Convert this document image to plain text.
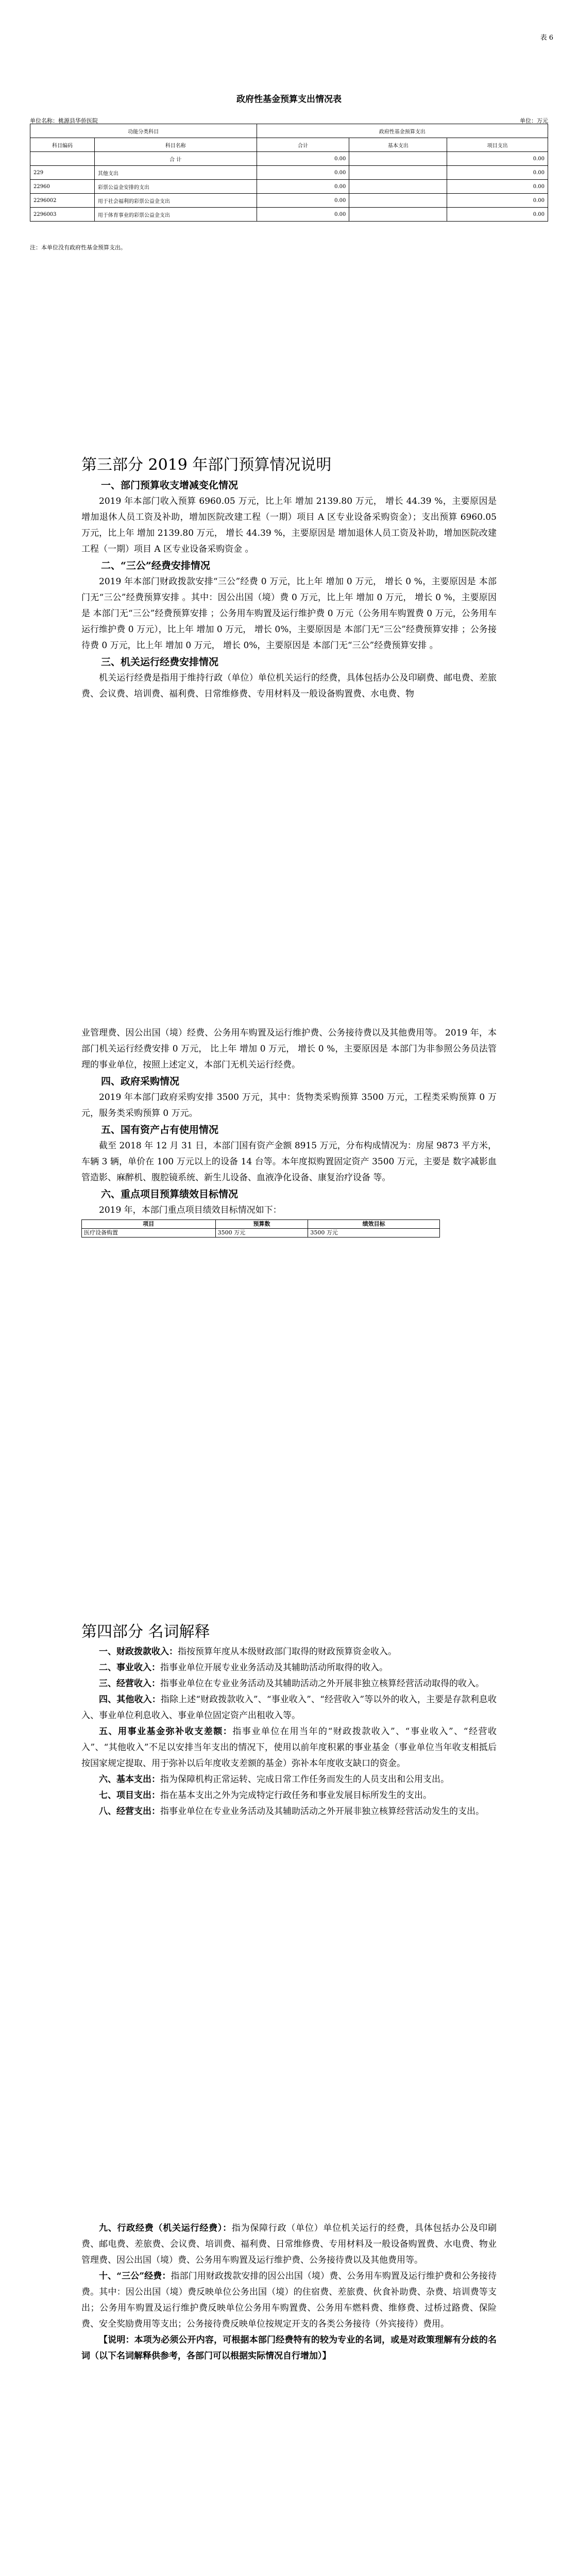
表 6
政府性基金预算支出情况表
单位名称：桃源县华侨医院	单位：万元
功能分类科目		政府性基金预算支出		
科目编码	科目名称	合计	基本支出	项目支出
	合 计	0.00		0.00
229	其他支出	0.00		0.00
22960	彩票公益金安排的支出	0.00		0.00
2296002	用于社会福利的彩票公益金支出	0.00		0.00
2296003	用于体育事业的彩票公益金支出	0.00		0.00
注：本单位没有政府性基金预算支出。
第三部分 2019 年部门预算情况说明
一、部门预算收支增减变化情况

2019 年本部门收入预算 6960.05 万元，比上年 增加 2139.80 万元， 增长 44.39 %，主要原因是 增加退休人员工资及补助，增加医院改建工程（一期）项目 A 区专业设备采购资金）；支出预算 6960.05 万元，比上年 增加 2139.80 万元， 增长 44.39 %，主要原因是 增加退休人员工资及补助，增加医院改建工程（一期）项目 A 区专业设备采购资金 。

二、“三公”经费安排情况

2019 年本部门财政拨款安排“三公”经费 0 万元，比上年 增加 0 万元， 增长 0 %，主要原因是 本部门无“三公”经费预算安排 。其中：因公出国（境）费 0 万元，比上年 增加 0 万元， 增长 0 %，主要原因是 本部门无“三公”经费预算安排 ；公务用车购置及运行维护费 0 万元（公务用车购置费 0 万元，公务用车运行维护费 0 万元），比上年 增加 0 万元， 增长 0%，主要原因是 本部门无“三公”经费预算安排 ；公务接待费 0 万元，比上年 增加 0 万元， 增长 0%，主要原因是 本部门无“三公”经费预算安排 。

三、机关运行经费安排情况

机关运行经费是指用于维持行政（单位）单位机关运行的经费，具体包括办公及印刷费、邮电费、差旅费、会议费、培训费、福利费、日常维修费、专用材料及一般设备购置费、水电费、物

业管理费、因公出国（境）经费、公务用车购置及运行维护费、公务接待费以及其他费用等。 2019 年，本部门机关运行经费安排 0 万元， 比上年 增加 0 万元， 增长 0 %，主要原因是 本部门为非参照公务员法管理的事业单位，按照上述定义，本部门无机关运行经费。

四、政府采购情况

2019 年本部门政府采购安排 3500 万元，其中：货物类采购预算 3500 万元，工程类采购预算 0 万元，服务类采购预算 0 万元。

五、国有资产占有使用情况

截至 2018 年 12 月 31 日，本部门国有资产金额 8915 万元，分布构成情况为：房屋 9873 平方米，车辆 3 辆，单价在 100 万元以上的设备 14 台等。本年度拟购置固定资产 3500 万元，主要是 数字减影血管造影、麻醉机、腹腔镜系统、新生儿设备、血液净化设备、康复治疗设备 等。

六、重点项目预算绩效目标情况

2019 年，本部门重点项目绩效目标情况如下：

项目	预算数	绩效目标
医疗设备购置	3500 万元	3500 万元
第四部分 名词解释

一、财政拨款收入：指按预算年度从本级财政部门取得的财政预算资金收入。

二、事业收入：指事业单位开展专业业务活动及其辅助活动所取得的收入。

三、经营收入：指事业单位在专业业务活动及其辅助活动之外开展非独立核算经营活动取得的收入。

四、其他收入：指除上述“财政拨款收入”、“事业收入”、“经营收入”等以外的收入，主要是存款利息收入、事业单位利息收入、事业单位固定资产出租收入等。

五、用事业基金弥补收支差额：指事业单位在用当年的“财政拨款收入”、“事业收入”、“经营收入”、“其他收入”不足以安排当年支出的情况下，使用以前年度积累的事业基金（事业单位当年收支相抵后按国家规定提取、用于弥补以后年度收支差额的基金）弥补本年度收支缺口的资金。

六、基本支出：指为保障机构正常运转、完成日常工作任务而发生的人员支出和公用支出。

七、项目支出：指在基本支出之外为完成特定行政任务和事业发展目标所发生的支出。

八、经营支出：指事业单位在专业业务活动及其辅助活动之外开展非独立核算经营活动发生的支出。

九、行政经费（机关运行经费）：指为保障行政（单位）单位机关运行的经费，具体包括办公及印刷费、邮电费、差旅费、会议费、培训费、福利费、日常维修费、专用材料及一般设备购置费、水电费、物业管理费、因公出国（境）费、公务用车购置及运行维护费、公务接待费以及其他费用等。

十、“三公”经费：指部门用财政拨款安排的因公出国（境）费、公务用车购置及运行维护费和公务接待费。其中：因公出国（境）费反映单位公务出国（境）的住宿费、差旅费、伙食补助费、杂费、培训费等支出；公务用车购置及运行维护费反映单位公务用车购置费、公务用车燃料费、维修费、过桥过路费、保险费、安全奖励费用等支出；公务接待费反映单位按规定开支的各类公务接待（外宾接待）费用。

【说明：本项为必须公开内容，可根据本部门经费特有的较为专业的名词，或是对政策理解有分歧的名词（以下名词解释供参考，各部门可以根据实际情况自行增加）】
